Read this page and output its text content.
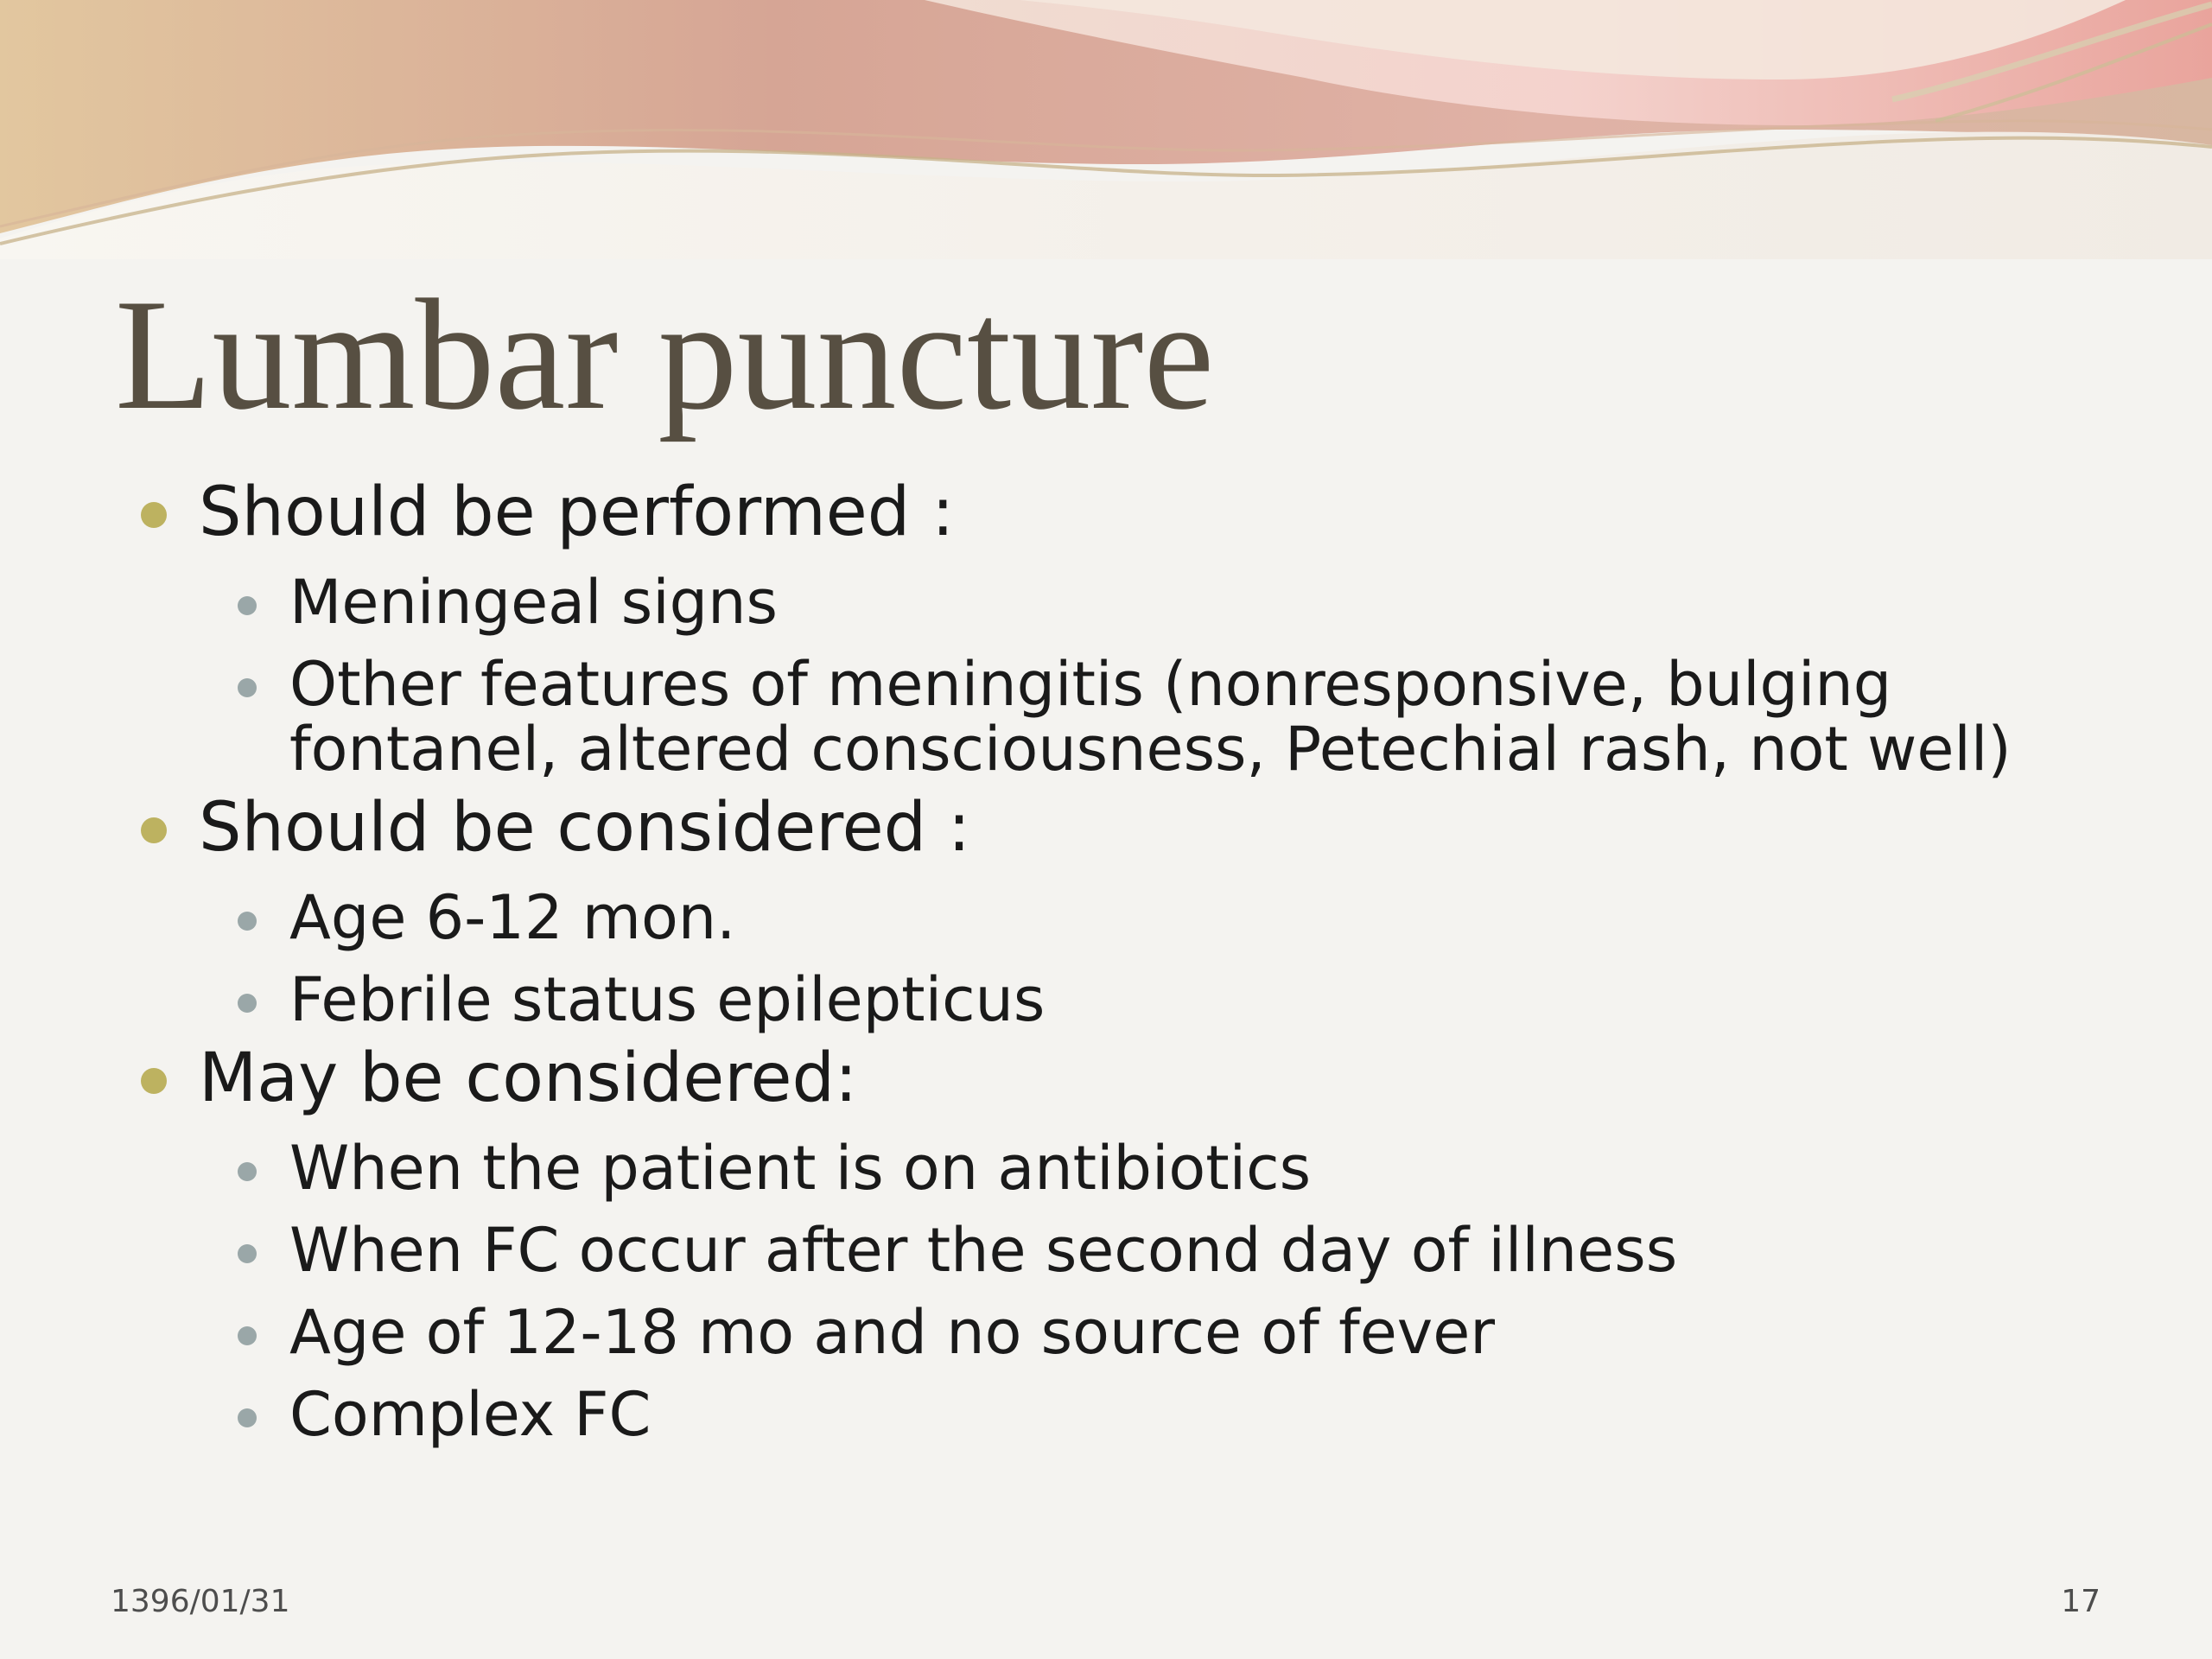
Lumbar puncture
Should be performed :
Meningeal signs
Other features of meningitis (nonresponsive, bulging fontanel, altered consciousness, Petechial rash, not well)
Should be considered :
Age 6-12 mon.
Febrile status epilepticus
May be considered:
When the patient is on antibiotics
When FC occur after the second day of illness
Age of 12-18 mo and no source of fever
Complex FC
1396/01/31	17
